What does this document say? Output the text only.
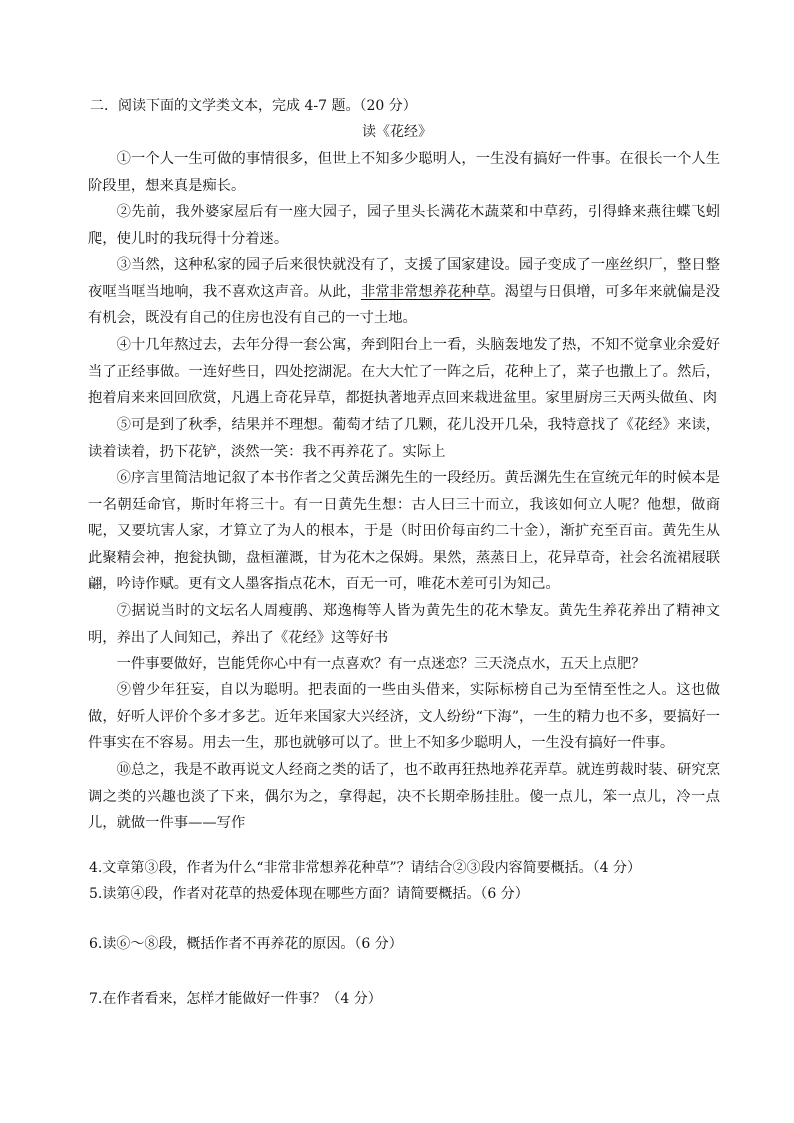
二．阅读下面的文学类文本，完成 4-7 题。（20 分）
读《花经》

①一个人一生可做的事情很多，但世上不知多少聪明人，一生没有搞好一件事。在很长一个人生阶段里，想来真是痴长。

②先前，我外婆家屋后有一座大园子，园子里头长满花木蔬菜和中草药，引得蜂来燕往蝶飞蚓爬，使儿时的我玩得十分着迷。

③当然，这种私家的园子后来很快就没有了，支援了国家建设。园子变成了一座丝织厂，整日整夜哐当哐当地响，我不喜欢这声音。从此，非常非常想养花种草。渴望与日俱增，可多年来就偏是没有机会，既没有自己的住房也没有自己的一寸土地。

④十几年熬过去，去年分得一套公寓，奔到阳台上一看，头脑轰地发了热，不知不觉拿业余爱好当了正经事做。一连好些日，四处挖湖泥。在大大忙了一阵之后，花种上了，菜子也撒上了。然后，抱着肩来来回回欣赏，凡遇上奇花异草，都挺执著地弄点回来栽进盆里。家里厨房三天两头做鱼、肉

⑤可是到了秋季，结果并不理想。葡萄才结了几颗，花儿没开几朵，我特意找了《花经》来读，读着读着，扔下花铲，淡然一笑：我不再养花了。实际上

⑥序言里简洁地记叙了本书作者之父黄岳渊先生的一段经历。黄岳渊先生在宣统元年的时候本是一名朝廷命官，斯时年将三十。有一日黄先生想：古人曰三十而立，我该如何立人呢？他想，做商呢，又要坑害人家，才算立了为人的根本，于是（时田价每亩约二十金），渐扩充至百亩。黄先生从此聚精会神，抱瓮执锄，盘桓灌溉，甘为花木之保姆。果然，蒸蒸日上，花异草奇，社会名流裙屐联翩，吟诗作赋。更有文人墨客指点花木，百无一可，唯花木差可引为知己。

⑦据说当时的文坛名人周瘦鹃、郑逸梅等人皆为黄先生的花木挚友。黄先生养花养出了精神文明，养出了人间知己，养出了《花经》这等好书

一件事要做好，岂能凭你心中有一点喜欢？有一点迷恋？三天浇点水，五天上点肥？

⑨曾少年狂妄，自以为聪明。把表面的一些由头借来，实际标榜自己为至情至性之人。这也做做，好听人评价个多才多艺。近年来国家大兴经济，文人纷纷“下海”，一生的精力也不多，要搞好一件事实在不容易。用去一生，那也就够可以了。世上不知多少聪明人，一生没有搞好一件事。

⑩总之，我是不敢再说文人经商之类的话了，也不敢再狂热地养花弄草。就连剪裁时装、研究烹调之类的兴趣也淡了下来，偶尔为之，拿得起，决不长期牵肠挂肚。傻一点儿，笨一点儿，冷一点儿，就做一件事——写作

4.文章第③段，作者为什么“非常非常想养花种草”？请结合②③段内容简要概括。（4 分）

5.读第④段，作者对花草的热爱体现在哪些方面？请简要概括。（6 分）

6.读⑥～⑧段，概括作者不再养花的原因。（6 分）

7.在作者看来，怎样才能做好一件事？（4 分）
